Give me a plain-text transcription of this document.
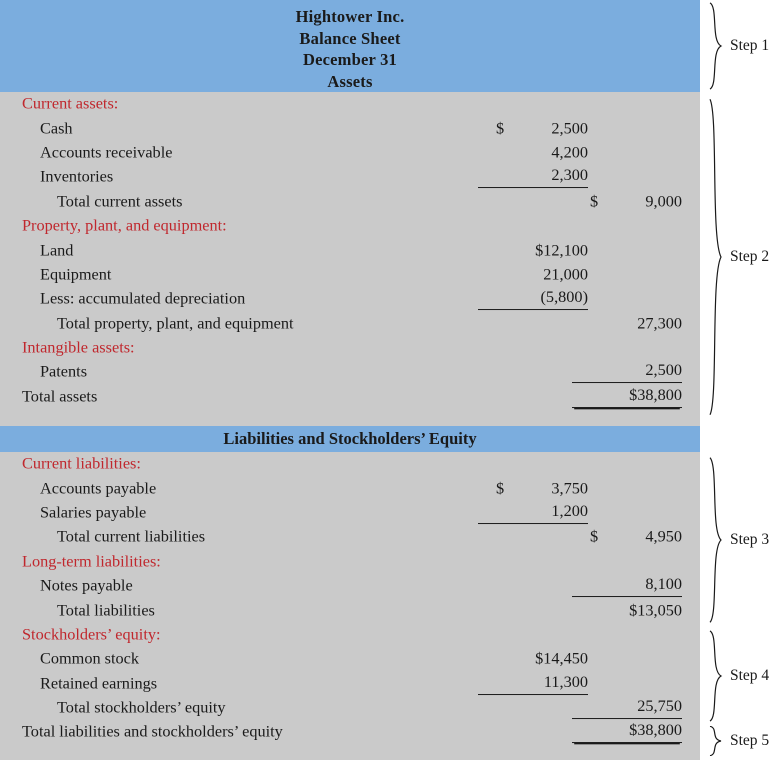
Hightower Inc.
Balance Sheet
December 31
Assets
Current assets:
Cash	$	2,500
Accounts receivable	4,200
Inventories	2,300
Total current assets	$	9,000
Property, plant, and equipment:
Land	$12,100
Equipment	21,000
Less: accumulated depreciation	(5,800)
Total property, plant, and equipment	27,300
Intangible assets:
Patents	2,500
Total assets	$38,800
Liabilities and Stockholders’ Equity
Current liabilities:
Accounts payable	$	3,750
Salaries payable	1,200
Total current liabilities	$	4,950
Long-term liabilities:
Notes payable	8,100
Total liabilities	$13,050
Stockholders’ equity:
Common stock	$14,450
Retained earnings	11,300
Total stockholders’ equity	25,750
Total liabilities and stockholders’ equity	$38,800
Step 1
Step 2
Step 3
Step 4
Step 5
